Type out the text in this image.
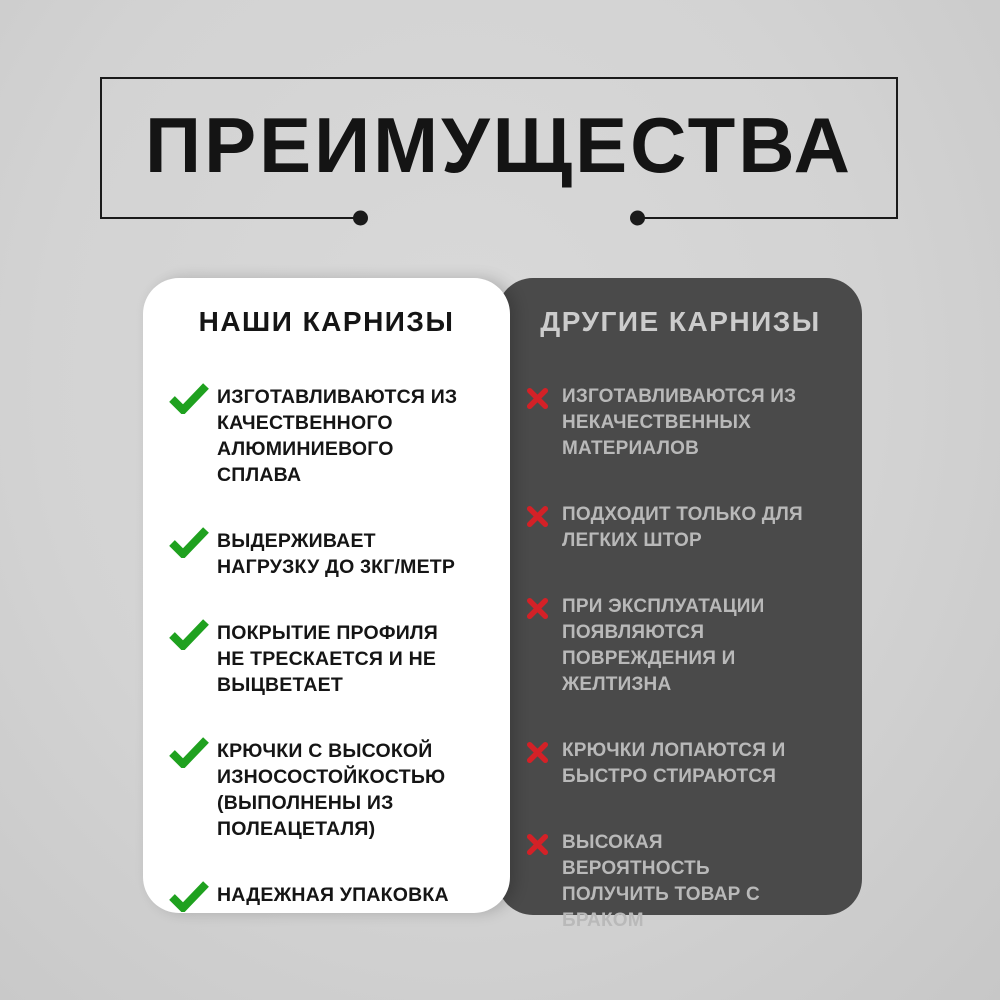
ПРЕИМУЩЕСТВА
НАШИ КАРНИЗЫ
ИЗГОТАВЛИВАЮТСЯ ИЗ КАЧЕСТВЕННОГО АЛЮМИНИЕВОГО СПЛАВА
ВЫДЕРЖИВАЕТ НАГРУЗКУ ДО 3КГ/МЕТР
ПОКРЫТИЕ ПРОФИЛЯ НЕ ТРЕСКАЕТСЯ И НЕ ВЫЦВЕТАЕТ
КРЮЧКИ С ВЫСОКОЙ ИЗНОСОСТОЙКОСТЬЮ (ВЫПОЛНЕНЫ ИЗ ПОЛЕАЦЕТАЛЯ)
НАДЕЖНАЯ УПАКОВКА
ДРУГИЕ КАРНИЗЫ
ИЗГОТАВЛИВАЮТСЯ ИЗ НЕКАЧЕСТВЕННЫХ МАТЕРИАЛОВ
ПОДХОДИТ ТОЛЬКО ДЛЯ ЛЕГКИХ ШТОР
ПРИ ЭКСПЛУАТАЦИИ ПОЯВЛЯЮТСЯ ПОВРЕЖДЕНИЯ И ЖЕЛТИЗНА
КРЮЧКИ ЛОПАЮТСЯ И БЫСТРО СТИРАЮТСЯ
ВЫСОКАЯ ВЕРОЯТНОСТЬ ПОЛУЧИТЬ ТОВАР С БРАКОМ
